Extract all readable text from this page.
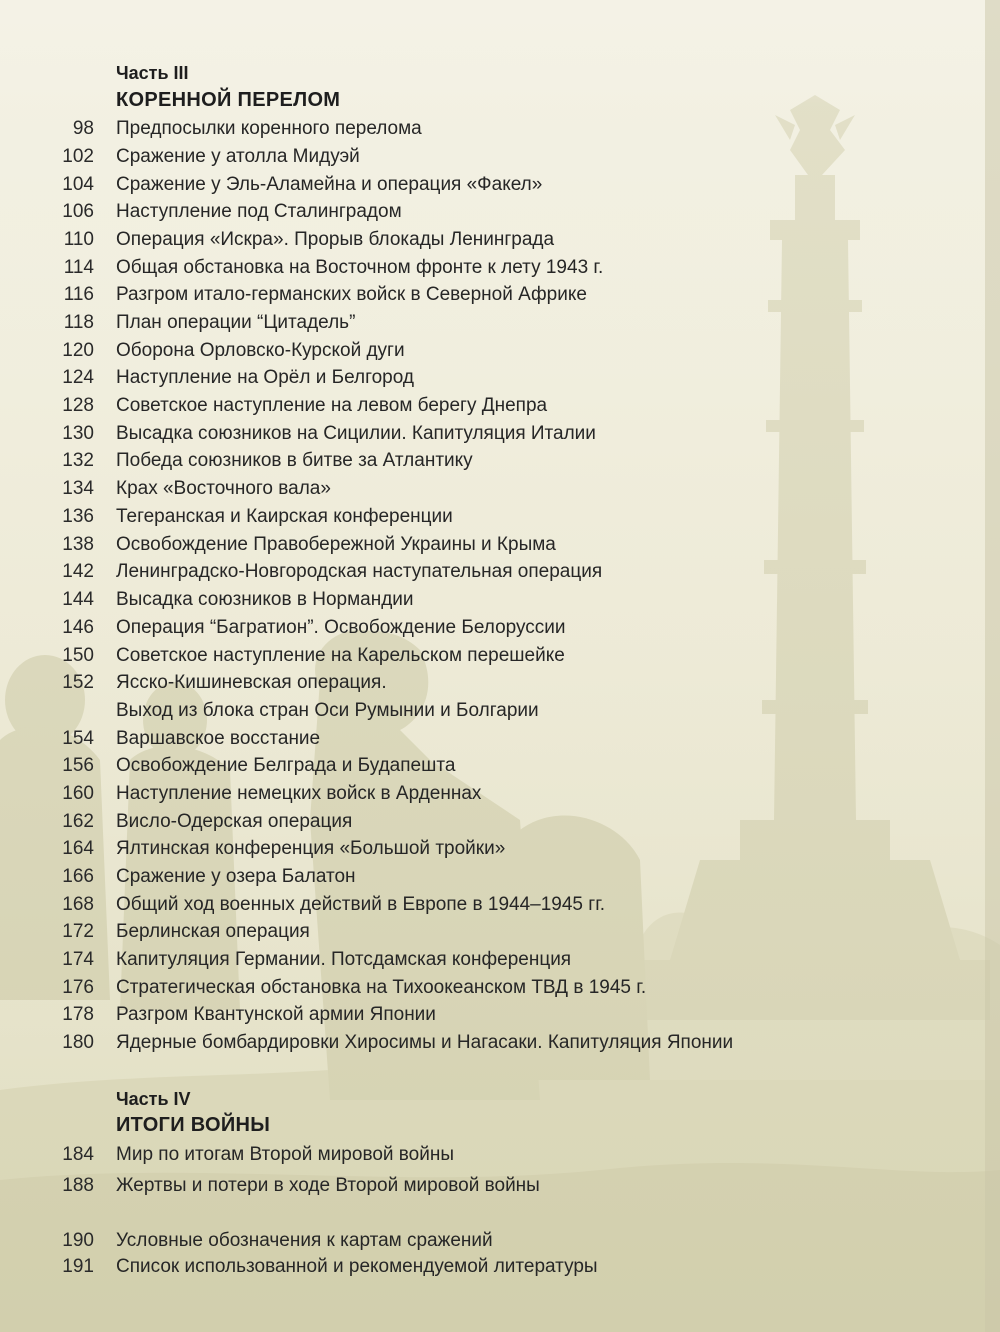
Часть III
КОРЕННОЙ ПЕРЕЛОМ
98 Предпосылки коренного перелома
102 Сражение у атолла Мидуэй
104 Сражение у Эль-Аламейна и операция «Факел»
106 Наступление под Сталинградом
110 Операция «Искра». Прорыв блокады Ленинграда
114 Общая обстановка на Восточном фронте к лету 1943 г.
116 Разгром итало-германских войск в Северной Африке
118 План операции “Цитадель”
120 Оборона Орловско-Курской дуги
124 Наступление на Орёл и Белгород
128 Советское наступление на левом берегу Днепра
130 Высадка союзников на Сицилии. Капитуляция Италии
132 Победа союзников в битве за Атлантику
134 Крах «Восточного вала»
136 Тегеранская и Каирская конференции
138 Освобождение Правобережной Украины и Крыма
142 Ленинградско-Новгородская наступательная операция
144 Высадка союзников в Нормандии
146 Операция “Багратион”. Освобождение Белоруссии
150 Советское наступление на Карельском перешейке
152 Ясско-Кишиневская операция.
Выход из блока стран Оси Румынии и Болгарии
154 Варшавское восстание
156 Освобождение Белграда и Будапешта
160 Наступление немецких войск в Арденнах
162 Висло-Одерская операция
164 Ялтинская конференция «Большой тройки»
166 Сражение у озера Балатон
168 Общий ход военных действий в Европе в 1944–1945 гг.
172 Берлинская операция
174 Капитуляция Германии. Потсдамская конференция
176 Стратегическая обстановка на Тихоокеанском ТВД в 1945 г.
178 Разгром Квантунской армии Японии
180 Ядерные бомбардировки Хиросимы и Нагасаки. Капитуляция Японии
Часть IV
ИТОГИ ВОЙНЫ
184 Мир по итогам Второй мировой войны
188 Жертвы и потери в ходе Второй мировой войны
190 Условные обозначения к картам сражений
191 Список использованной и рекомендуемой литературы
